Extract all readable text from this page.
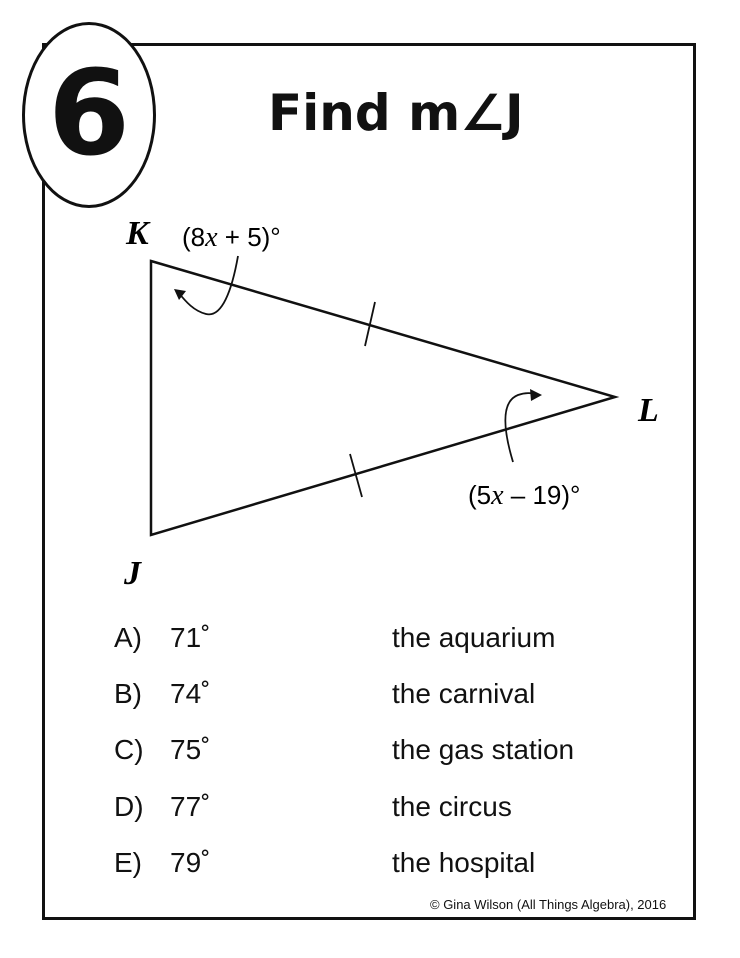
6	Find m∠J
K
L
J
(8x + 5)°
(5x – 19)°
A) 71˚	the aquarium
B) 74˚	the carnival
C) 75˚	the gas station
D) 77˚	the circus
E) 79˚	the hospital
© Gina Wilson (All Things Algebra), 2016
